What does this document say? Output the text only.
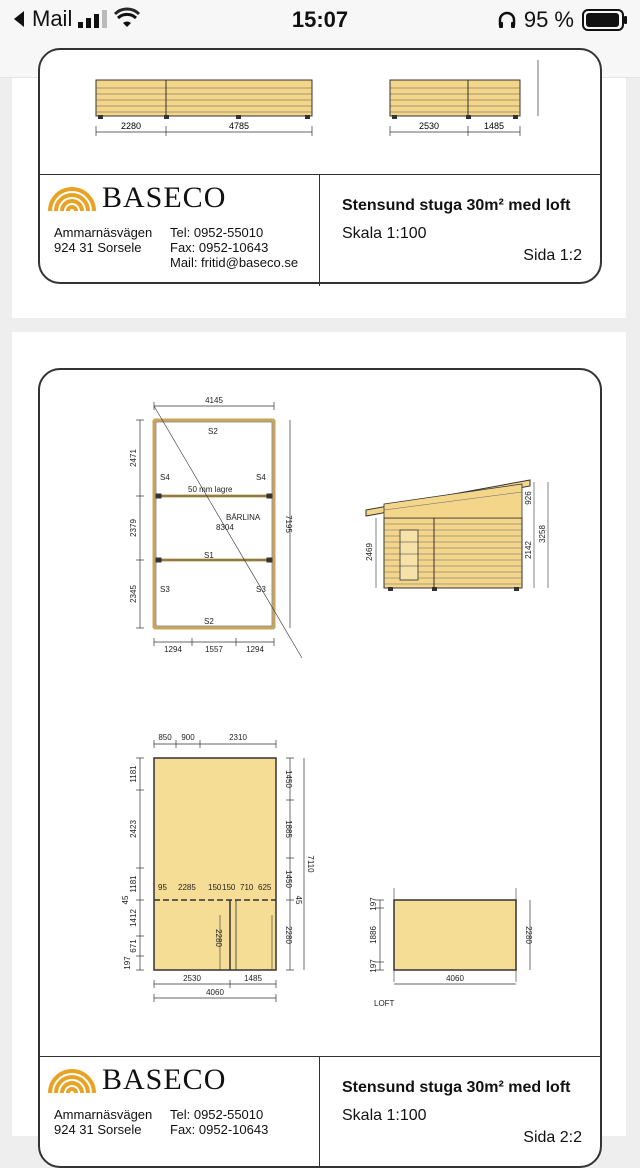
Mail	15:07	95 %
2280	4785	2530	1485
BASECO
Ammarnäsvägen
924 31 Sorsele
Tel: 0952-55010
Fax: 0952-10643
Mail: fritid@baseco.se
Stensund stuga 30m² med loft
Skala 1:100
Sida 1:2
4145
2471
2379
2345
7195
1294	1557	1294
S2
S4	S4
50 mm lagre
BÄRLINA
8304
S1
S3	S3
S2
2469
926
2142
3258
850 900	2310
1181
2423
1181
1412
197
671
45
1450
1885
1450
2280
45
7110
95 2285 150 150 710 625
2280
2530	1485
4060
197
1886
197
2280
4060
LOFT
BASECO
Ammarnäsvägen
924 31 Sorsele
Tel: 0952-55010
Fax: 0952-10643
Stensund stuga 30m² med loft
Skala 1:100
Sida 2:2
